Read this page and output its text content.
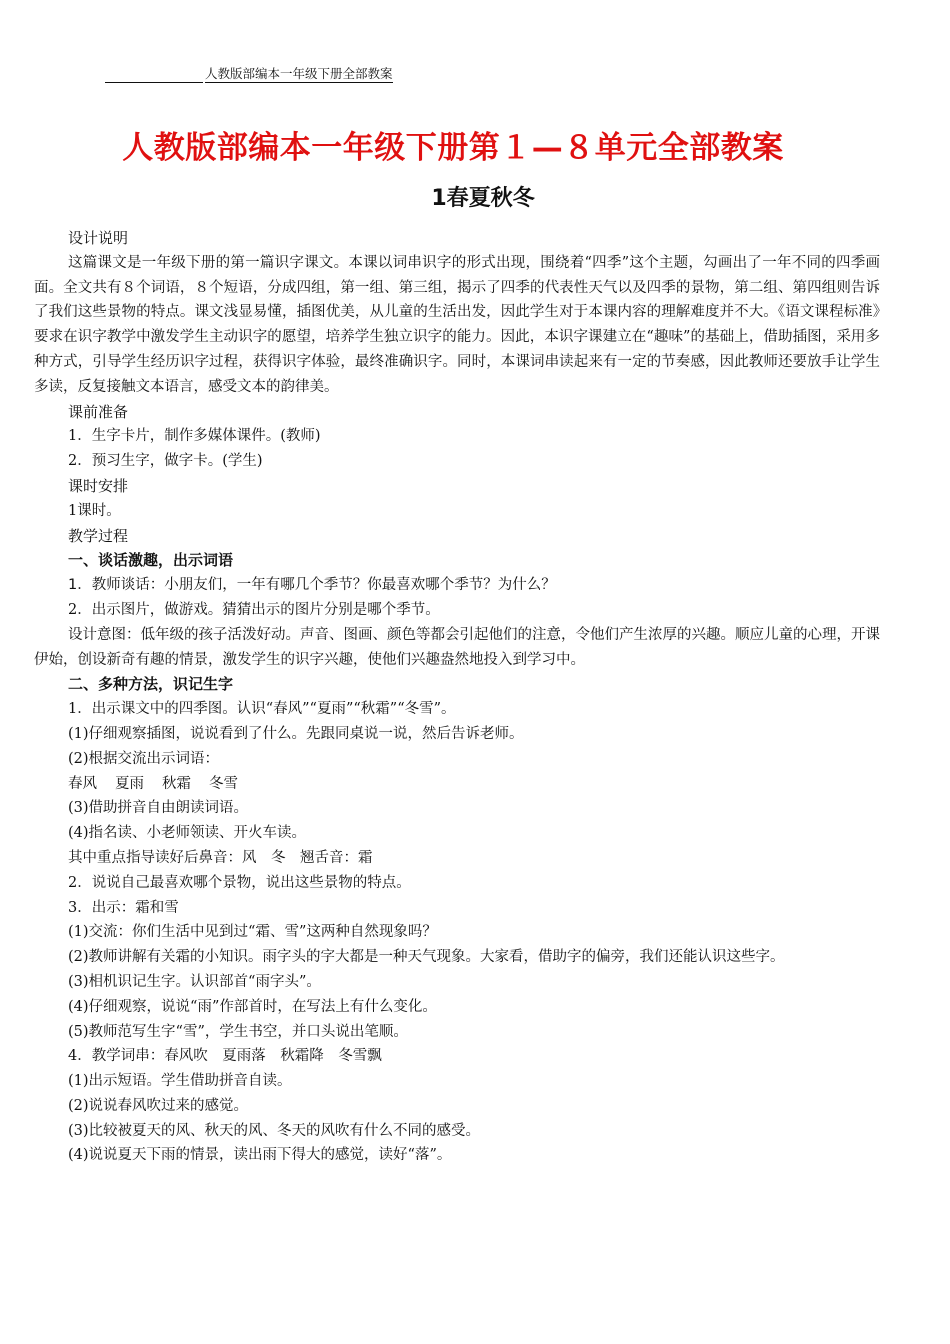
人教版部编本一年级下册全部教案
人教版部编本一年级下册第１—８单元全部教案
1春夏秋冬

设计说明

这篇课文是一年级下册的第一篇识字课文。本课以词串识字的形式出现，围绕着“四季”这个主题，勾画出了一年不同的四季画面。全文共有８个词语，８个短语，分成四组，第一组、第三组，揭示了四季的代表性天气以及四季的景物，第二组、第四组则告诉了我们这些景物的特点。课文浅显易懂，插图优美，从儿童的生活出发，因此学生对于本课内容的理解难度并不大。《语文课程标准》要求在识字教学中激发学生主动识字的愿望，培养学生独立识字的能力。因此，本识字课建立在“趣味”的基础上，借助插图，采用多种方式，引导学生经历识字过程，获得识字体验，最终准确识字。同时，本课词串读起来有一定的节奏感，因此教师还要放手让学生多读，反复接触文本语言，感受文本的韵律美。

课前准备

1．生字卡片，制作多媒体课件。(教师)

2．预习生字，做字卡。(学生)

课时安排

1课时。

教学过程

一、谈话激趣，出示词语

1．教师谈话：小朋友们，一年有哪几个季节？你最喜欢哪个季节？为什么？

2．出示图片，做游戏。猜猜出示的图片分别是哪个季节。

设计意图：低年级的孩子活泼好动。声音、图画、颜色等都会引起他们的注意，令他们产生浓厚的兴趣。顺应儿童的心理，开课伊始，创设新奇有趣的情景，激发学生的识字兴趣，使他们兴趣盎然地投入到学习中。

二、多种方法，识记生字

1．出示课文中的四季图。认识“春风”“夏雨”“秋霜”“冬雪”。

(1)仔细观察插图，说说看到了什么。先跟同桌说一说，然后告诉老师。

(2)根据交流出示词语：

春风 夏雨 秋霜 冬雪

(3)借助拼音自由朗读词语。

(4)指名读、小老师领读、开火车读。

其中重点指导读好后鼻音：风　冬　翘舌音：霜

2．说说自己最喜欢哪个景物，说出这些景物的特点。

3．出示：霜和雪

(1)交流：你们生活中见到过“霜、雪”这两种自然现象吗？

(2)教师讲解有关霜的小知识。雨字头的字大都是一种天气现象。大家看，借助字的偏旁，我们还能认识这些字。

(3)相机识记生字。认识部首“雨字头”。

(4)仔细观察，说说“雨”作部首时，在写法上有什么变化。

(5)教师范写生字“雪”，学生书空，并口头说出笔顺。

4．教学词串：春风吹　夏雨落　秋霜降　冬雪飘

(1)出示短语。学生借助拼音自读。

(2)说说春风吹过来的感觉。

(3)比较被夏天的风、秋天的风、冬天的风吹有什么不同的感受。

(4)说说夏天下雨的情景，读出雨下得大的感觉，读好“落”。
